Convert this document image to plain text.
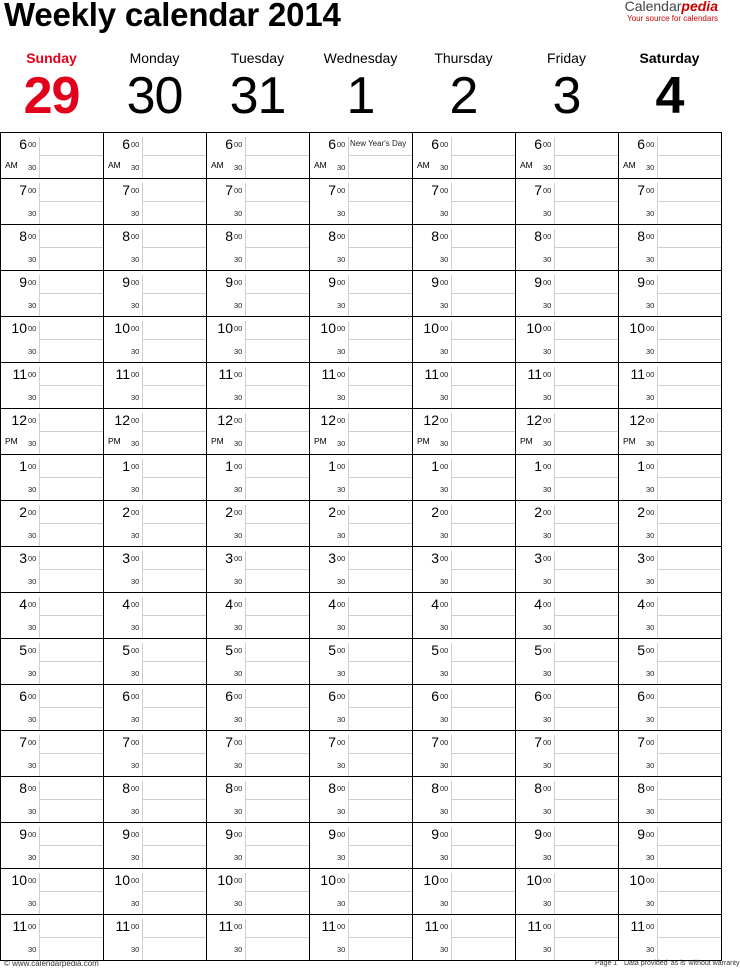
Weekly calendar 2014	Calendarpedia
Your source for calendars
Sunday
29
Monday
30
Tuesday
31
Wednesday
1
Thursday
2
Friday
3
Saturday
4
6 00
30
AM
7 00
30
8 00
30
9 00
30
10 00
30
11 00
30
12 00
30
PM
1 00
30
2 00
30
3 00
30
4 00
30
5 00
30
6 00
30
7 00
30
8 00
30
9 00
30
10 00
30
11 00
30
6 00
30
AM
7 00
30
8 00
30
9 00
30
10 00
30
11 00
30
12 00
30
PM
1 00
30
2 00
30
3 00
30
4 00
30
5 00
30
6 00
30
7 00
30
8 00
30
9 00
30
10 00
30
11 00
30
6 00
30
AM
7 00
30
8 00
30
9 00
30
10 00
30
11 00
30
12 00
30
PM
1 00
30
2 00
30
3 00
30
4 00
30
5 00
30
6 00
30
7 00
30
8 00
30
9 00
30
10 00
30
11 00
30
6 00
30
AM
New Year's Day
7 00
30
8 00
30
9 00
30
10 00
30
11 00
30
12 00
30
PM
1 00
30
2 00
30
3 00
30
4 00
30
5 00
30
6 00
30
7 00
30
8 00
30
9 00
30
10 00
30
11 00
30
6 00
30
AM
7 00
30
8 00
30
9 00
30
10 00
30
11 00
30
12 00
30
PM
1 00
30
2 00
30
3 00
30
4 00
30
5 00
30
6 00
30
7 00
30
8 00
30
9 00
30
10 00
30
11 00
30
6 00
30
AM
7 00
30
8 00
30
9 00
30
10 00
30
11 00
30
12 00
30
PM
1 00
30
2 00
30
3 00
30
4 00
30
5 00
30
6 00
30
7 00
30
8 00
30
9 00
30
10 00
30
11 00
30
6 00
30
AM
7 00
30
8 00
30
9 00
30
10 00
30
11 00
30
12 00
30
PM
1 00
30
2 00
30
3 00
30
4 00
30
5 00
30
6 00
30
7 00
30
8 00
30
9 00
30
10 00
30
11 00
30
© www.calendarpedia.com	Page 1 Data provided 'as is' without warranty
